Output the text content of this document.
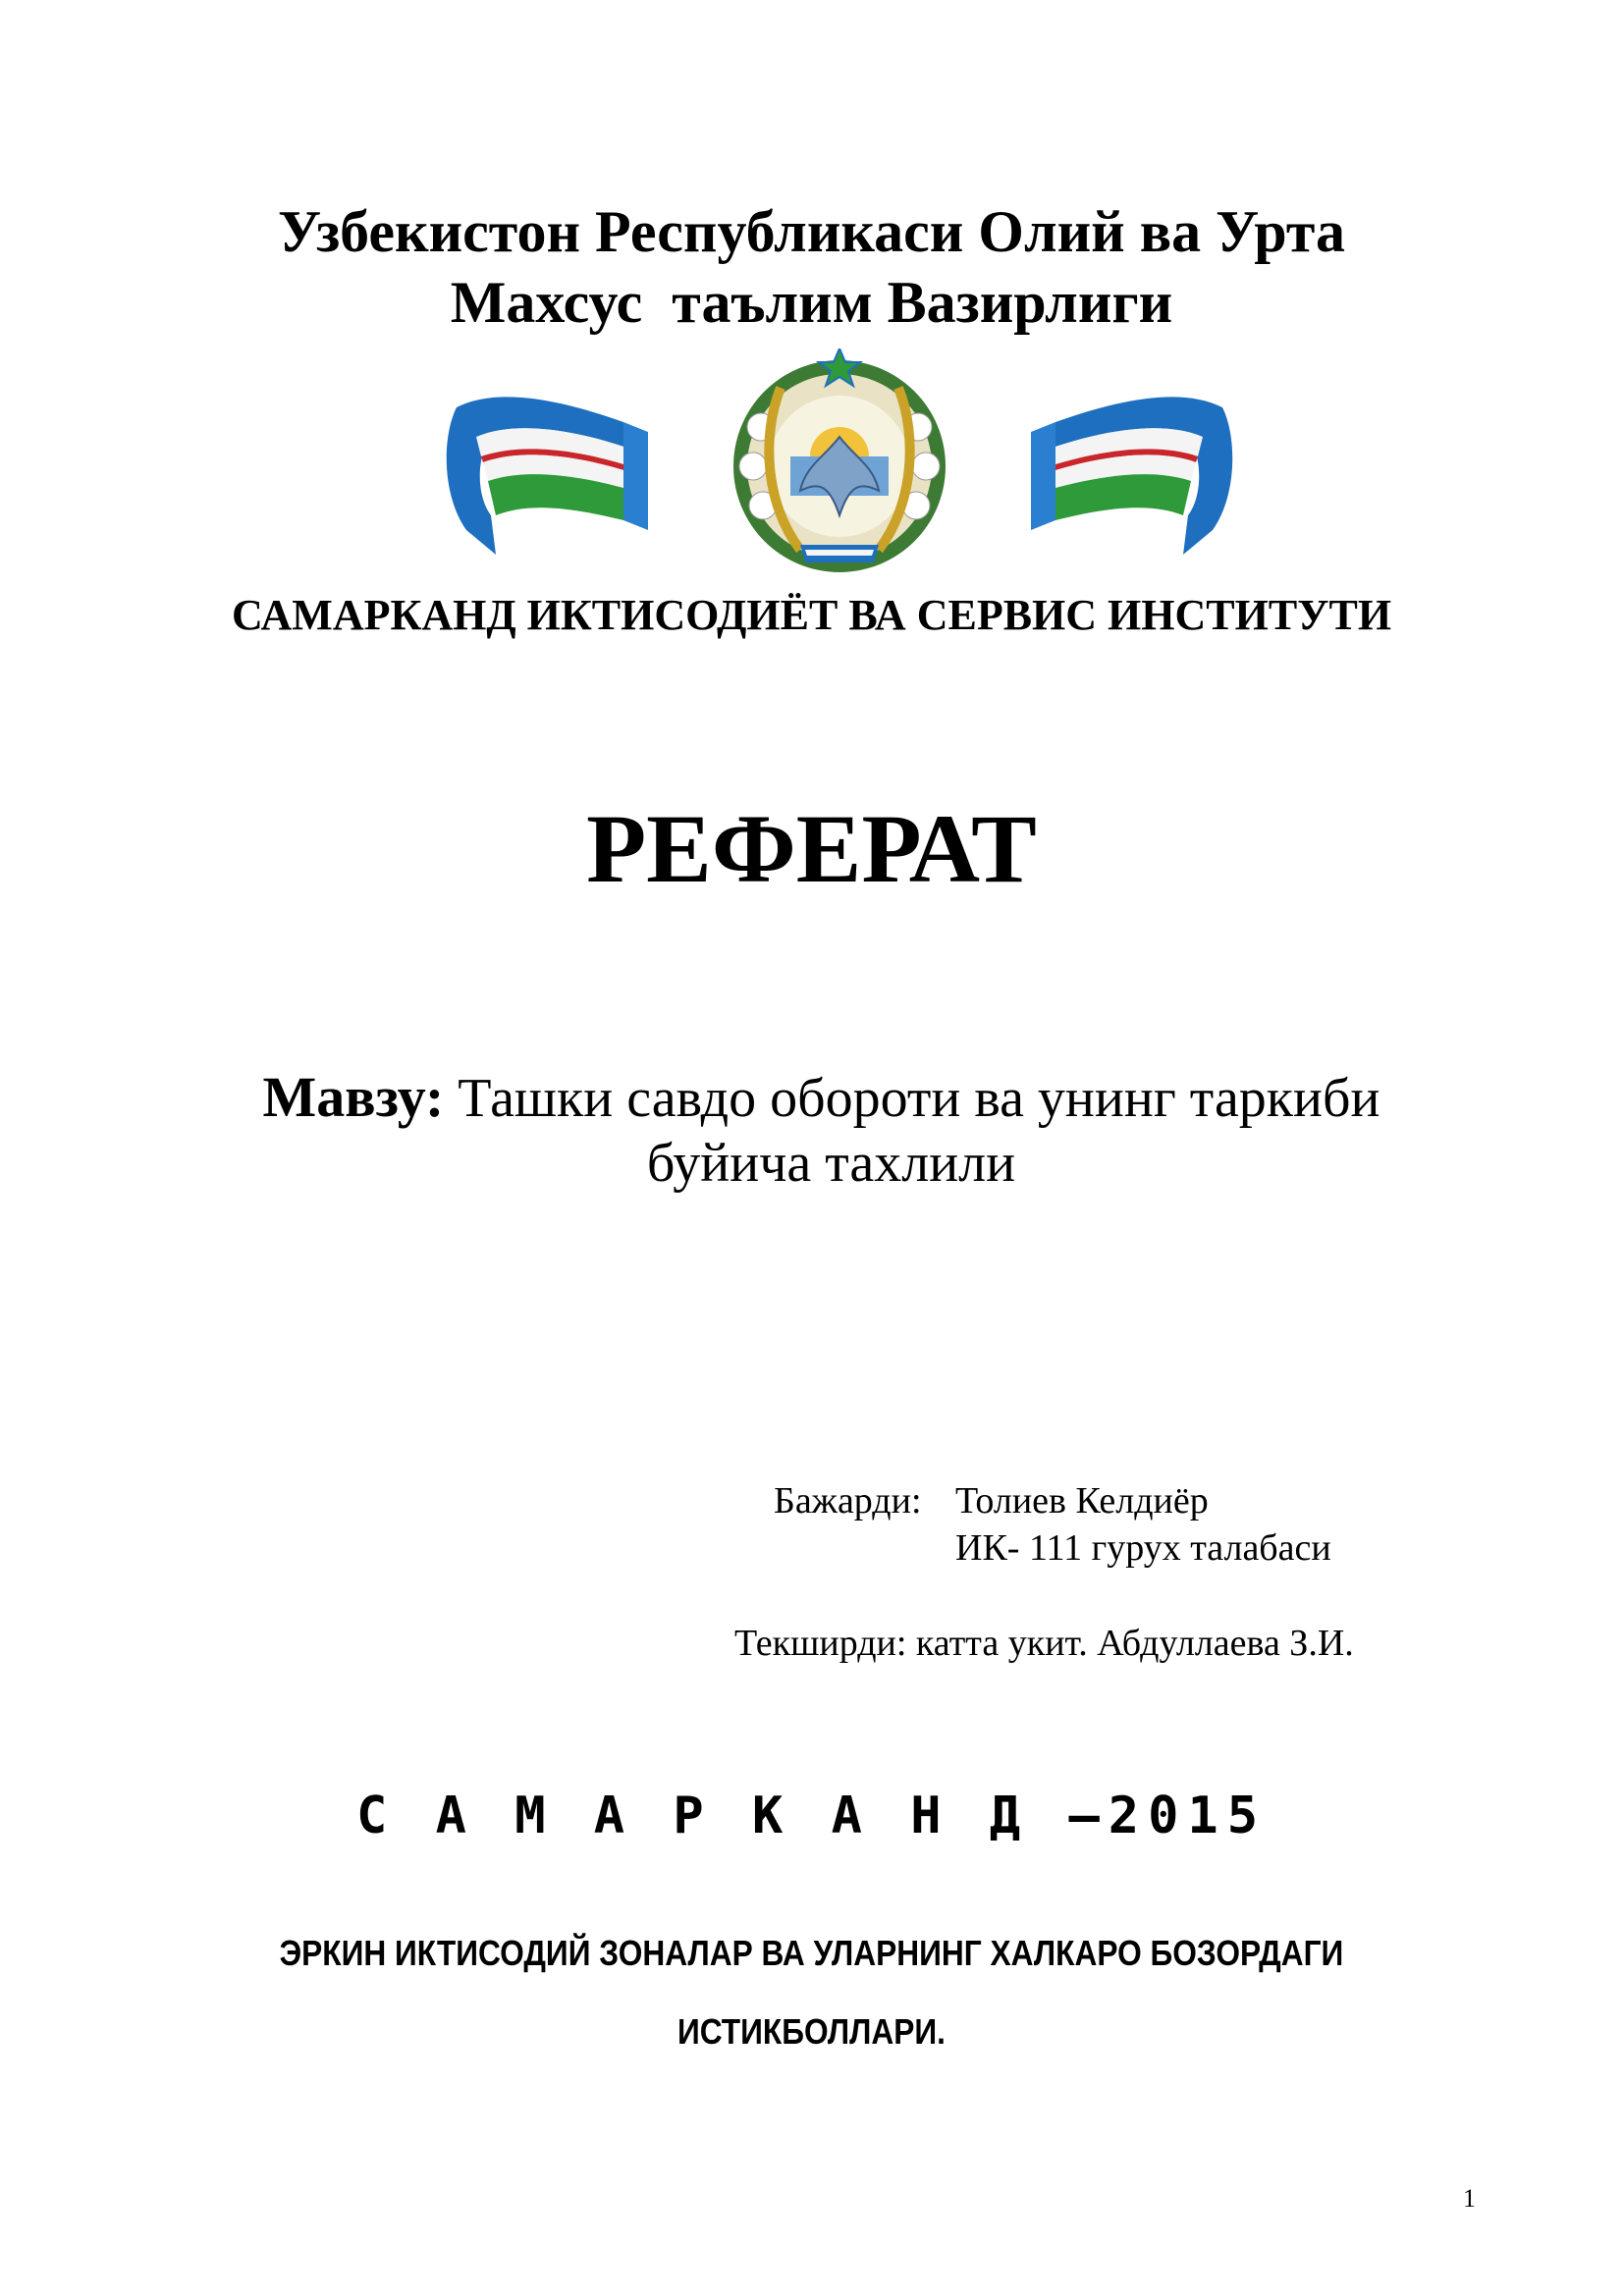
Узбекистон Республикаси Олий ва Урта
Махсус  таълим Вазирлиги
САМАРКАНД ИКТИСОДИЁТ ВА СЕРВИС ИНСТИТУТИ
РЕФЕРАТ
Мавзу: Ташки савдо обороти ва унинг таркиби
буйича тахлили
Бажарди: Толиев Келдиёр
ИК- 111 гурух талабаси
Текширди: катта укит. Абдуллаева З.И.
С А М А Р К А Н Д –2015
ЭРКИН ИКТИСОДИЙ ЗОНАЛАР ВА УЛАРНИНГ ХАЛКАРО БОЗОРДАГИ
ИСТИКБОЛЛАРИ.
1
